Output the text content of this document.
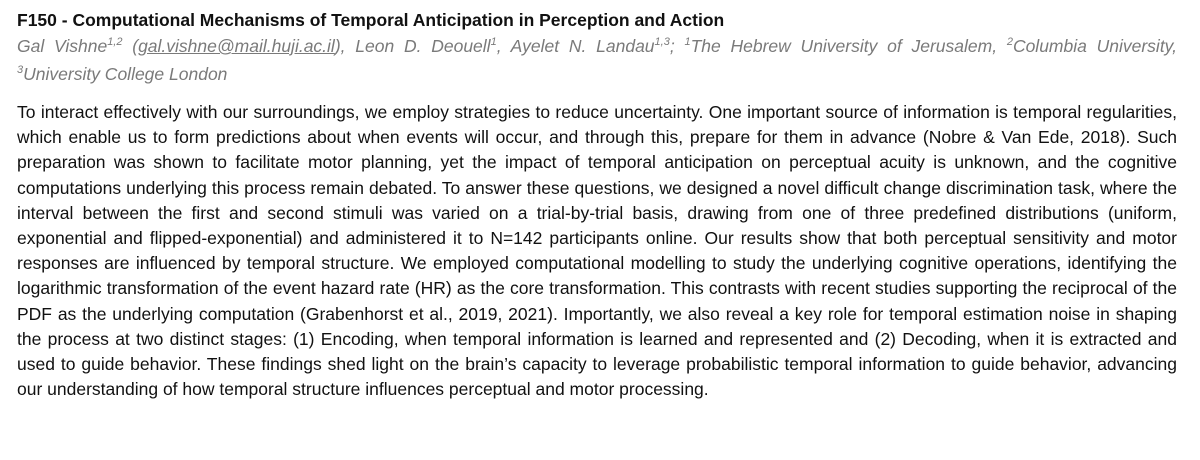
F150 - Computational Mechanisms of Temporal Anticipation in Perception and Action

Gal Vishne$^{1,2}$ (gal.vishne@mail.huji.ac.il), Leon D. Deouell$^1$, Ayelet N. Landau$^{1,3}$; $^1$The Hebrew University of Jerusalem, $^2$Columbia University, $^3$University College London

To interact effectively with our surroundings, we employ strategies to reduce uncertainty. One important source of information is temporal regularities, which enable us to form predictions about when events will occur, and through this, prepare for them in advance (Nobre & Van Ede, 2018). Such preparation was shown to facilitate motor planning, yet the impact of temporal anticipation on perceptual acuity is unknown, and the cognitive computations underlying this process remain debated. To answer these questions, we designed a novel difficult change discrimination task, where the interval between the first and second stimuli was varied on a trial-by-trial basis, drawing from one of three predefined distributions (uniform, exponential and flipped-exponential) and administered it to N=142 participants online. Our results show that both perceptual sensitivity and motor responses are influenced by temporal structure. We employed computational modelling to study the underlying cognitive operations, identifying the logarithmic transformation of the event hazard rate (HR) as the core transformation. This contrasts with recent studies supporting the reciprocal of the PDF as the underlying computation (Grabenhorst et al., 2019, 2021). Importantly, we also reveal a key role for temporal estimation noise in shaping the process at two distinct stages: (1) Encoding, when temporal information is learned and represented and (2) Decoding, when it is extracted and used to guide behavior. These findings shed light on the brain’s capacity to leverage probabilistic temporal information to guide behavior, advancing our understanding of how temporal structure influences perceptual and motor processing.
